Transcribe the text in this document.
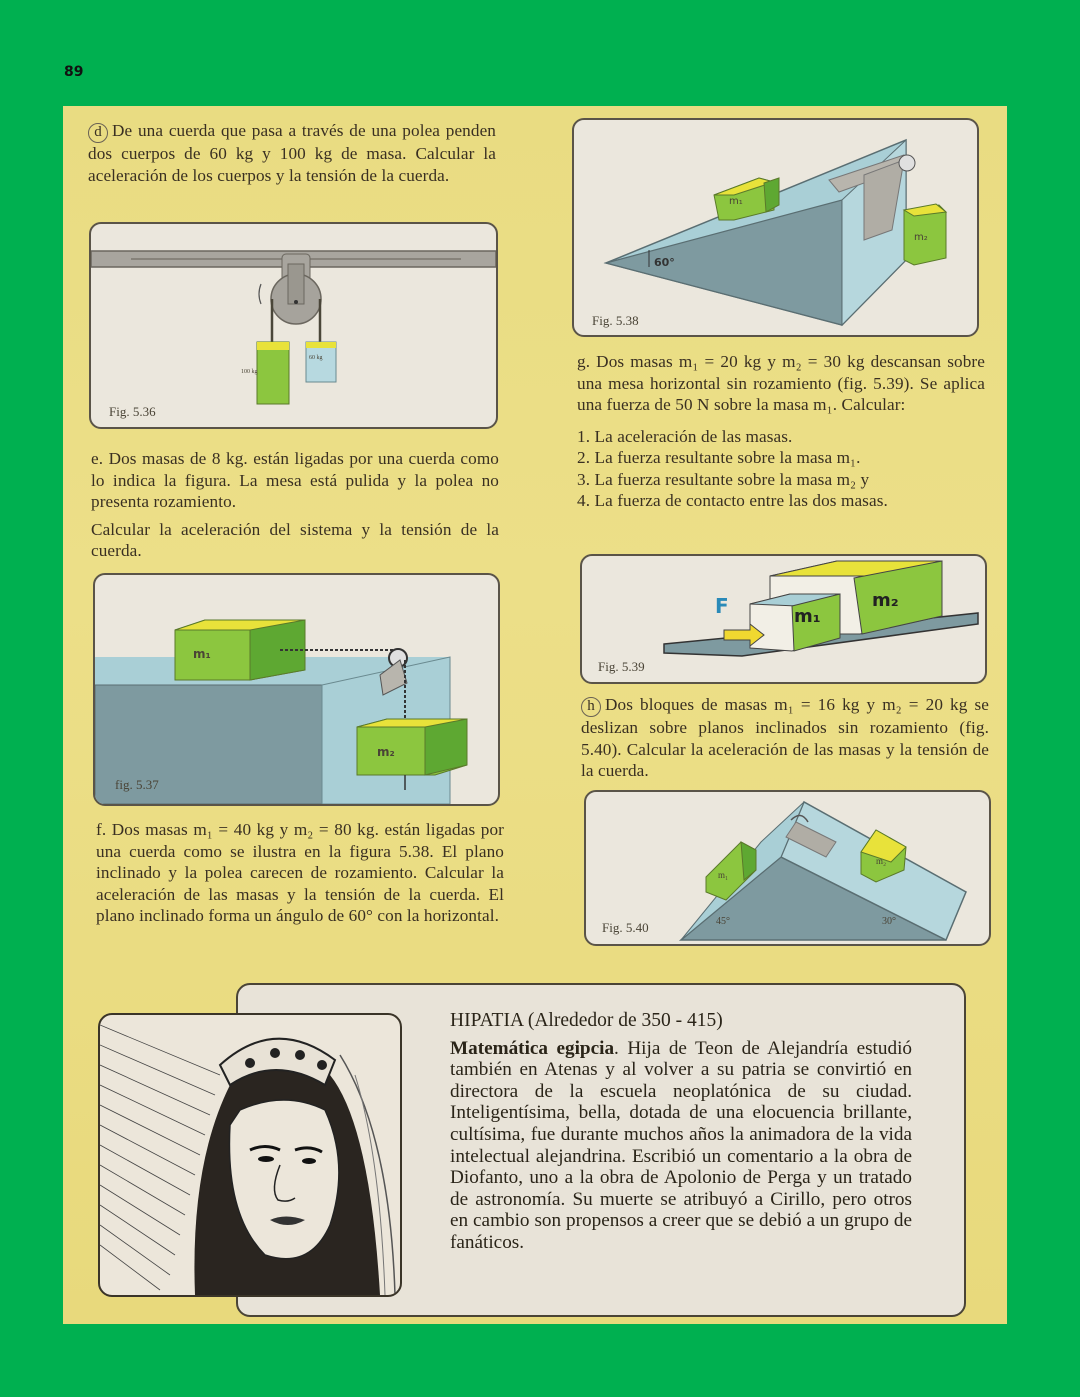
89

d De una cuerda que pasa a través de una polea penden dos cuerpos de 60 kg y 100 kg de masa. Calcular la aceleración de los cuerpos y la tensión de la cuerda.

100 kg
60 kg
Fig. 5.36

e. Dos masas de 8 kg. están ligadas por una cuerda como lo indica la figura. La mesa está pulida y la polea no presenta rozamiento.

Calcular la aceleración del sistema y la tensión de la cuerda.

m₁
m₂
fig. 5.37

f. Dos masas m₁ = 40 kg y m₂ = 80 kg. están ligadas por una cuerda como se ilustra en la figura 5.38. El plano inclinado y la polea carecen de rozamiento. Calcular la aceleración de las masas y la tensión de la cuerda. El plano inclinado forma un ángulo de 60° con la horizontal.

60°
m₁
m₂
Fig. 5.38

g. Dos masas m₁ = 20 kg y m₂ = 30 kg descansan sobre una mesa horizontal sin rozamiento (fig. 5.39). Se aplica una fuerza de 50 N sobre la masa m₁. Calcular:

1. La aceleración de las masas.
2. La fuerza resultante sobre la masa m₁.
3. La fuerza resultante sobre la masa m₂ y
4. La fuerza de contacto entre las dos masas.
F	m₁
m₂
Fig. 5.39

h Dos bloques de masas m₁ = 16 kg y m₂ = 20 kg se deslizan sobre planos inclinados sin rozamiento (fig. 5.40). Calcular la aceleración de las masas y la tensión de la cuerda.

45°	30°
m₁
m₂
Fig. 5.40
HIPATIA (Alrededor de 350 - 415)
Matemática egipcia. Hija de Teon de Alejandría estudió también en Atenas y al volver a su patria se convirtió en directora de la escuela neoplatónica de su ciudad. Inteligentísima, bella, dotada de una elocuencia brillante, cultísima, fue durante muchos años la animadora de la vida intelectual alejandrina. Escribió un comentario a la obra de Diofanto, uno a la obra de Apolonio de Perga y un tratado de astronomía. Su muerte se atribuyó a Cirillo, pero otros en cambio son propensos a creer que se debió a un grupo de fanáticos.
